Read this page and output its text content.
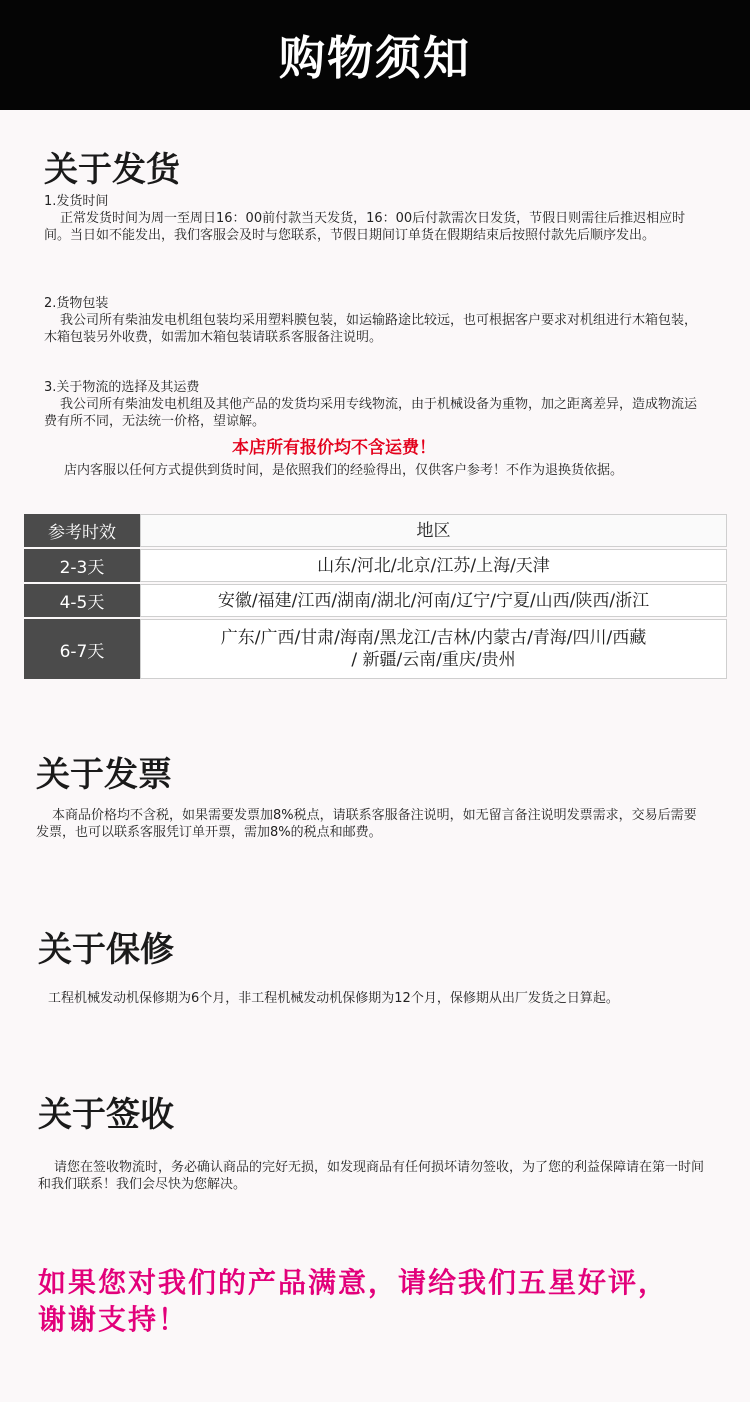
购物须知
关于发货

1.发货时间

正常发货时间为周一至周日16：00前付款当天发货，16：00后付款需次日发货，节假日则需往后推迟相应时间。当日如不能发出，我们客服会及时与您联系，节假日期间订单货在假期结束后按照付款先后顺序发出。

2.货物包装

我公司所有柴油发电机组包装均采用塑料膜包装，如运输路途比较远，也可根据客户要求对机组进行木箱包装，木箱包装另外收费，如需加木箱包装请联系客服备注说明。

3.关于物流的选择及其运费

我公司所有柴油发电机组及其他产品的发货均采用专线物流，由于机械设备为重物，加之距离差异，造成物流运费有所不同，无法统一价格，望谅解。

本店所有报价均不含运费！
店内客服以任何方式提供到货时间，是依照我们的经验得出，仅供客户参考！不作为退换货依据。
参考时效	地区
2-3天	山东/河北/北京/江苏/上海/天津
4-5天	安徽/福建/江西/湖南/湖北/河南/辽宁/宁夏/山西/陕西/浙江
6-7天	广东/广西/甘肃/海南/黑龙江/吉林/内蒙古/青海/四川/西藏
/ 新疆/云南/重庆/贵州
关于发票
本商品价格均不含税，如果需要发票加8%税点，请联系客服备注说明，如无留言备注说明发票需求，交易后需要发票，也可以联系客服凭订单开票，需加8%的税点和邮费。
关于保修
工程机械发动机保修期为6个月，非工程机械发动机保修期为12个月，保修期从出厂发货之日算起。
关于签收
请您在签收物流时，务必确认商品的完好无损，如发现商品有任何损坏请勿签收，为了您的利益保障请在第一时间和我们联系！我们会尽快为您解决。
如果您对我们的产品满意，请给我们五星好评，
谢谢支持！
